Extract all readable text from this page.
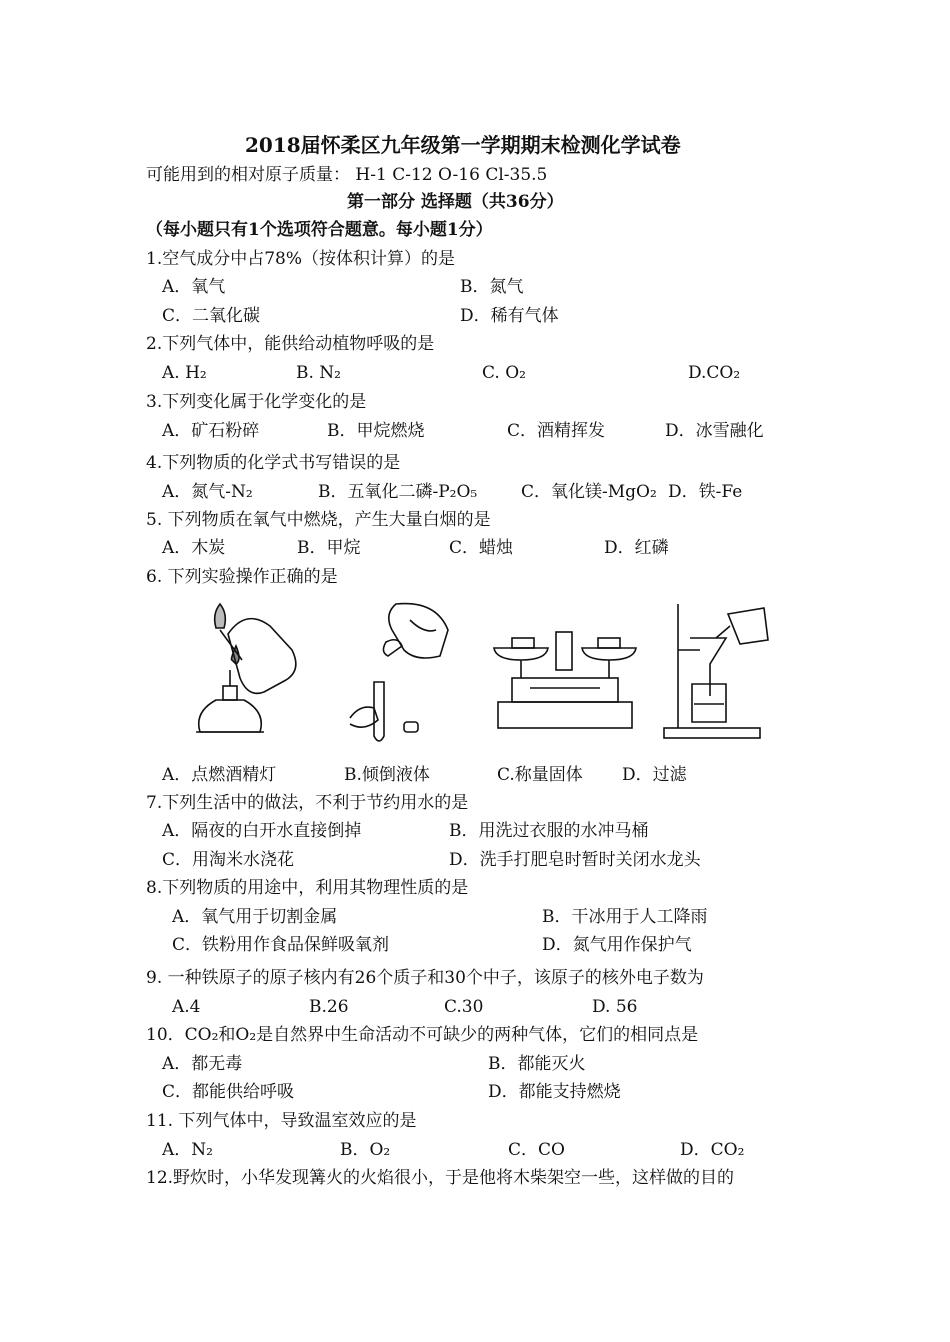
2018届怀柔区九年级第一学期期末检测化学试卷
可能用到的相对原子质量： H-1 C-12 O-16 Cl-35.5
第一部分 选择题（共36分）
（每小题只有1个选项符合题意。每小题1分）
1.空气成分中占78%（按体积计算）的是
A．氧气	B．氮气
C．二氧化碳	D．稀有气体
2.下列气体中，能供给动植物呼吸的是
A. H₂	B. N₂	C. O₂	D.CO₂
3.下列变化属于化学变化的是
A．矿石粉碎	B．甲烷燃烧	C．酒精挥发	D．冰雪融化
4.下列物质的化学式书写错误的是
A．氮气-N₂	B．五氧化二磷-P₂O₅	C．氧化镁-MgO₂ D．铁-Fe
5. 下列物质在氧气中燃烧，产生大量白烟的是
A．木炭	B．甲烷	C．蜡烛	D．红磷
6. 下列实验操作正确的是
A．点燃酒精灯	B.倾倒液体	C.称量固体 D．过滤
7.下列生活中的做法，不利于节约用水的是
A．隔夜的白开水直接倒掉	B．用洗过衣服的水冲马桶
C．用淘米水浇花	D．洗手打肥皂时暂时关闭水龙头
8.下列物质的用途中，利用其物理性质的是
A．氧气用于切割金属	B．干冰用于人工降雨
C．铁粉用作食品保鲜吸氧剂	D．氮气用作保护气
9. 一种铁原子的原子核内有26个质子和30个中子，该原子的核外电子数为
A.4	B.26	C.30	D. 56
10．CO₂和O₂是自然界中生命活动不可缺少的两种气体，它们的相同点是
A．都无毒	B．都能灭火
C．都能供给呼吸	D．都能支持燃烧
11. 下列气体中，导致温室效应的是
A．N₂	B．O₂	C．CO	D．CO₂
12.野炊时，小华发现篝火的火焰很小，于是他将木柴架空一些，这样做的目的
